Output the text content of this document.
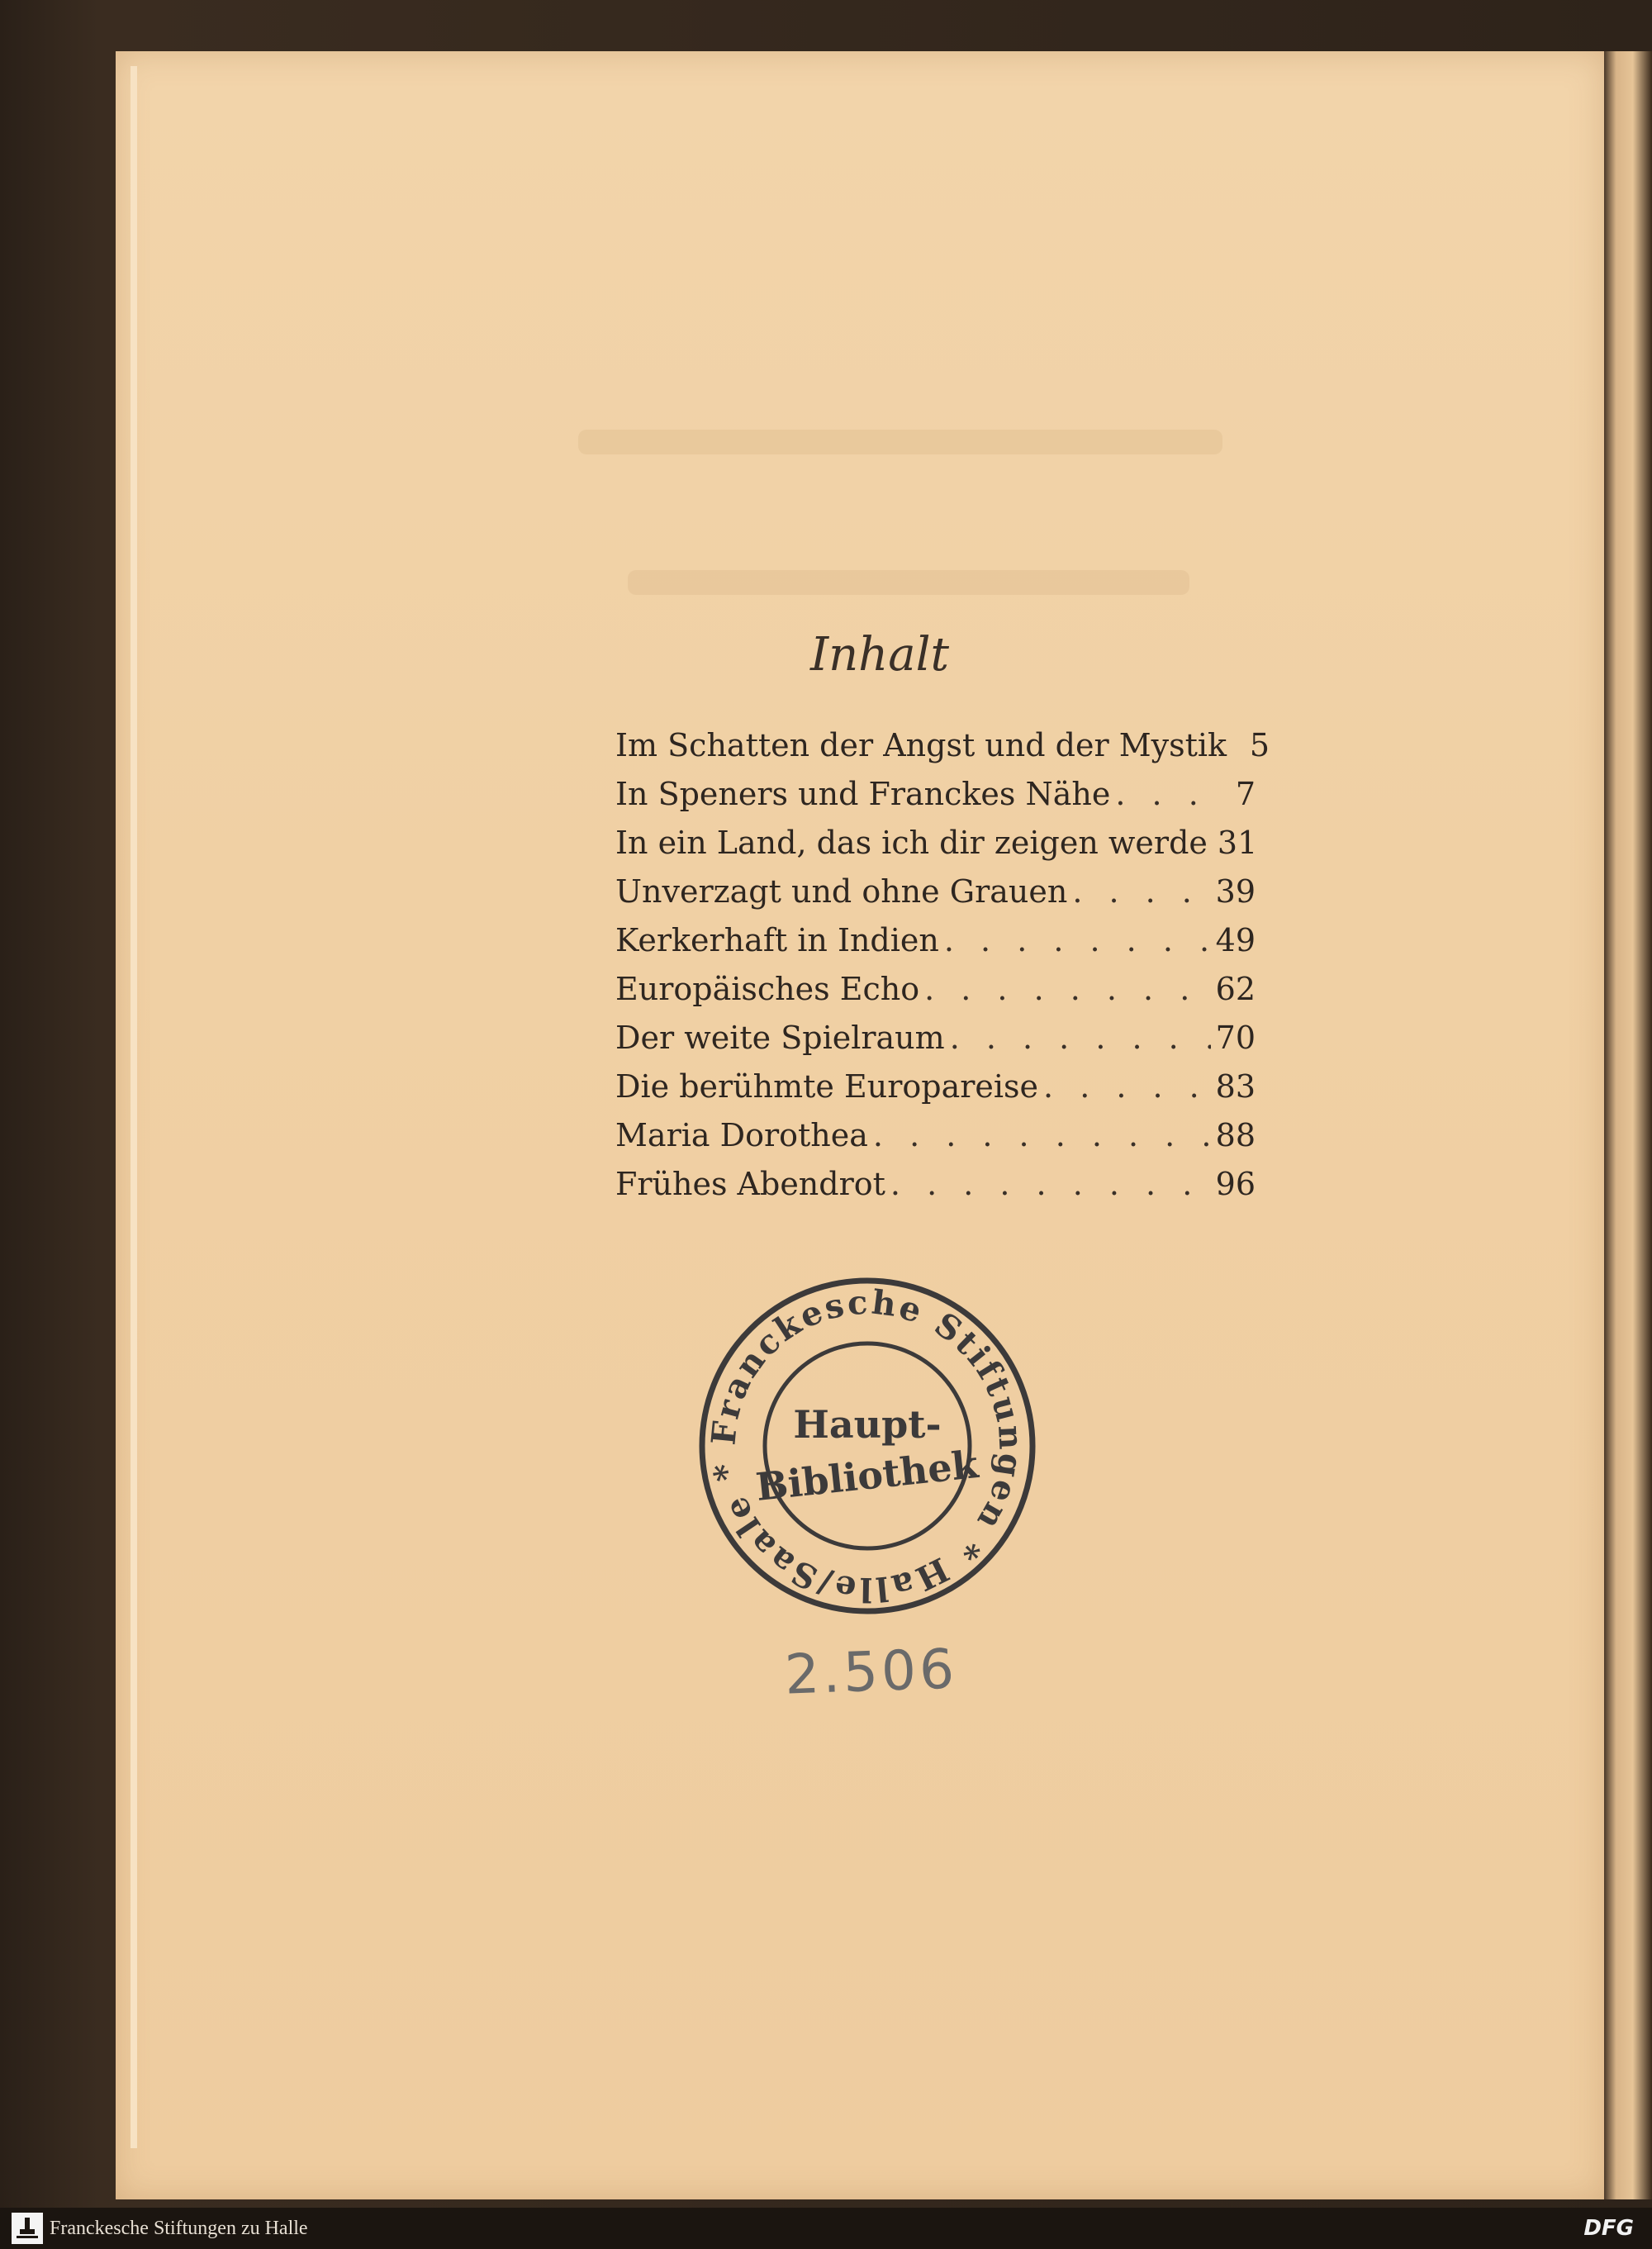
Inhalt
Im Schatten der Angst und der Mystik 5
In Speners und Franckes Nähe . . .	7
In ein Land, das ich dir zeigen werde 31
Unverzagt und ohne Grauen . . .	39
Kerkerhaft in Indien . . .	49
Europäisches Echo . . .	62
Der weite Spielraum . . .	70
Die berühmte Europareise . . .	83
Maria Dorothea . . .	88
Frühes Abendrot . . .	96
Franckesche Stiftungen * Halle/Saale *
Haupt-
Bibliothek
2.506
Franckesche Stiftungen zu Halle	DFG
